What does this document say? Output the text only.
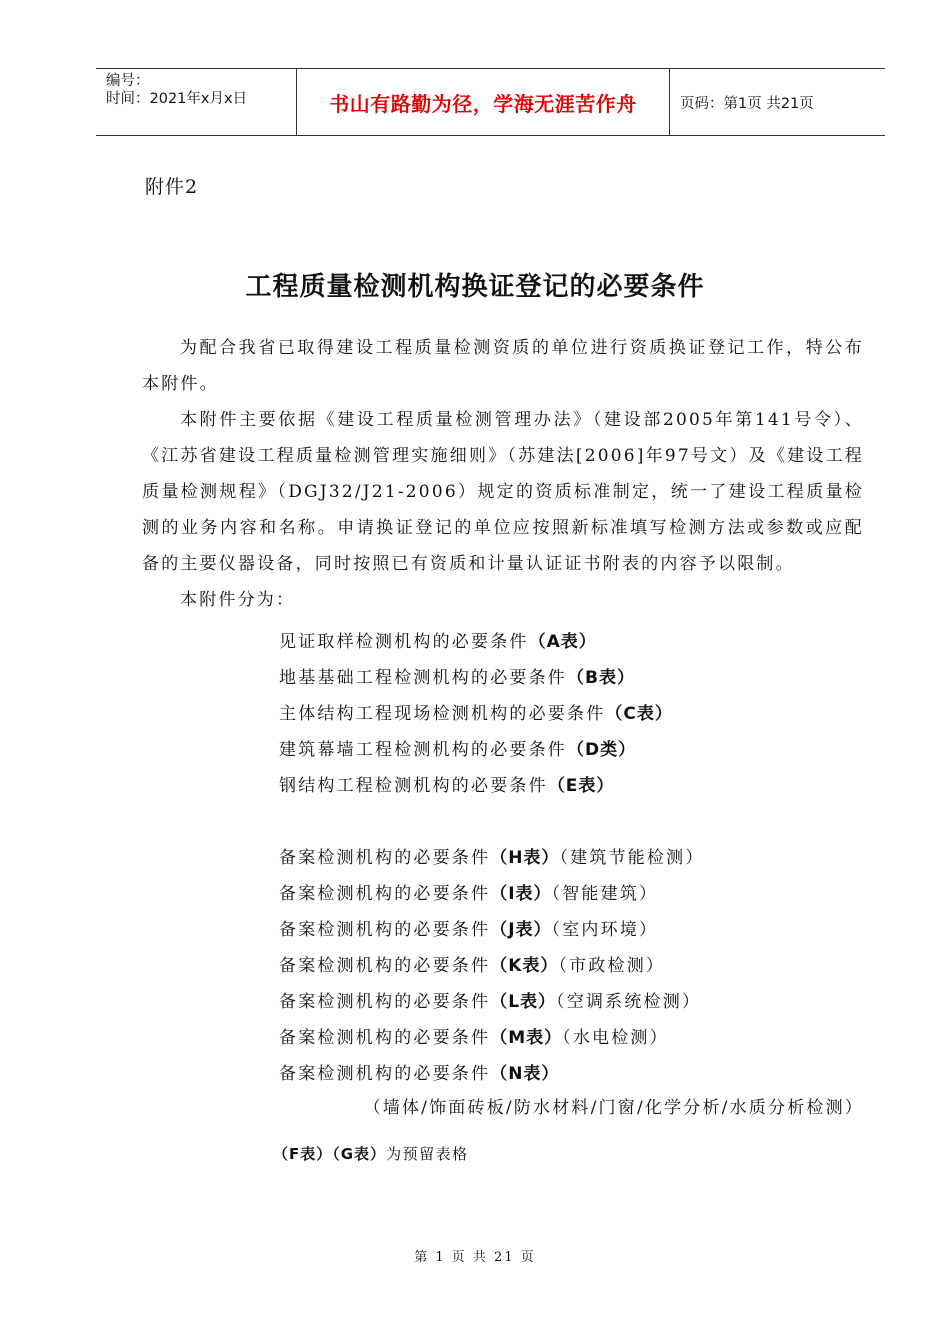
编号：
时间：2021年x月x日	书山有路勤为径，学海无涯苦作舟	页码：第1页 共21页
附件2
工程质量检测机构换证登记的必要条件

为配合我省已取得建设工程质量检测资质的单位进行资质换证登记工作，特公布本附件。

本附件主要依据《建设工程质量检测管理办法》（建设部2005年第141号令）、《江苏省建设工程质量检测管理实施细则》（苏建法[2006]年97号文）及《建设工程质量检测规程》（DGJ32/J21-2006）规定的资质标准制定，统一了建设工程质量检测的业务内容和名称。申请换证登记的单位应按照新标准填写检测方法或参数或应配备的主要仪器设备，同时按照已有资质和计量认证证书附表的内容予以限制。

本附件分为：

见证取样检测机构的必要条件（A表）
地基基础工程检测机构的必要条件（B表）
主体结构工程现场检测机构的必要条件（C表）
建筑幕墙工程检测机构的必要条件（D类）
钢结构工程检测机构的必要条件（E表）
备案检测机构的必要条件（H表）（建筑节能检测）
备案检测机构的必要条件（I表）（智能建筑）
备案检测机构的必要条件（J表）（室内环境）
备案检测机构的必要条件（K表）（市政检测）
备案检测机构的必要条件（L表）（空调系统检测）
备案检测机构的必要条件（M表）（水电检测）
备案检测机构的必要条件（N表）
（墙体/饰面砖板/防水材料/门窗/化学分析/水质分析检测）
（F表）（G表）为预留表格
第 1 页 共 21 页
